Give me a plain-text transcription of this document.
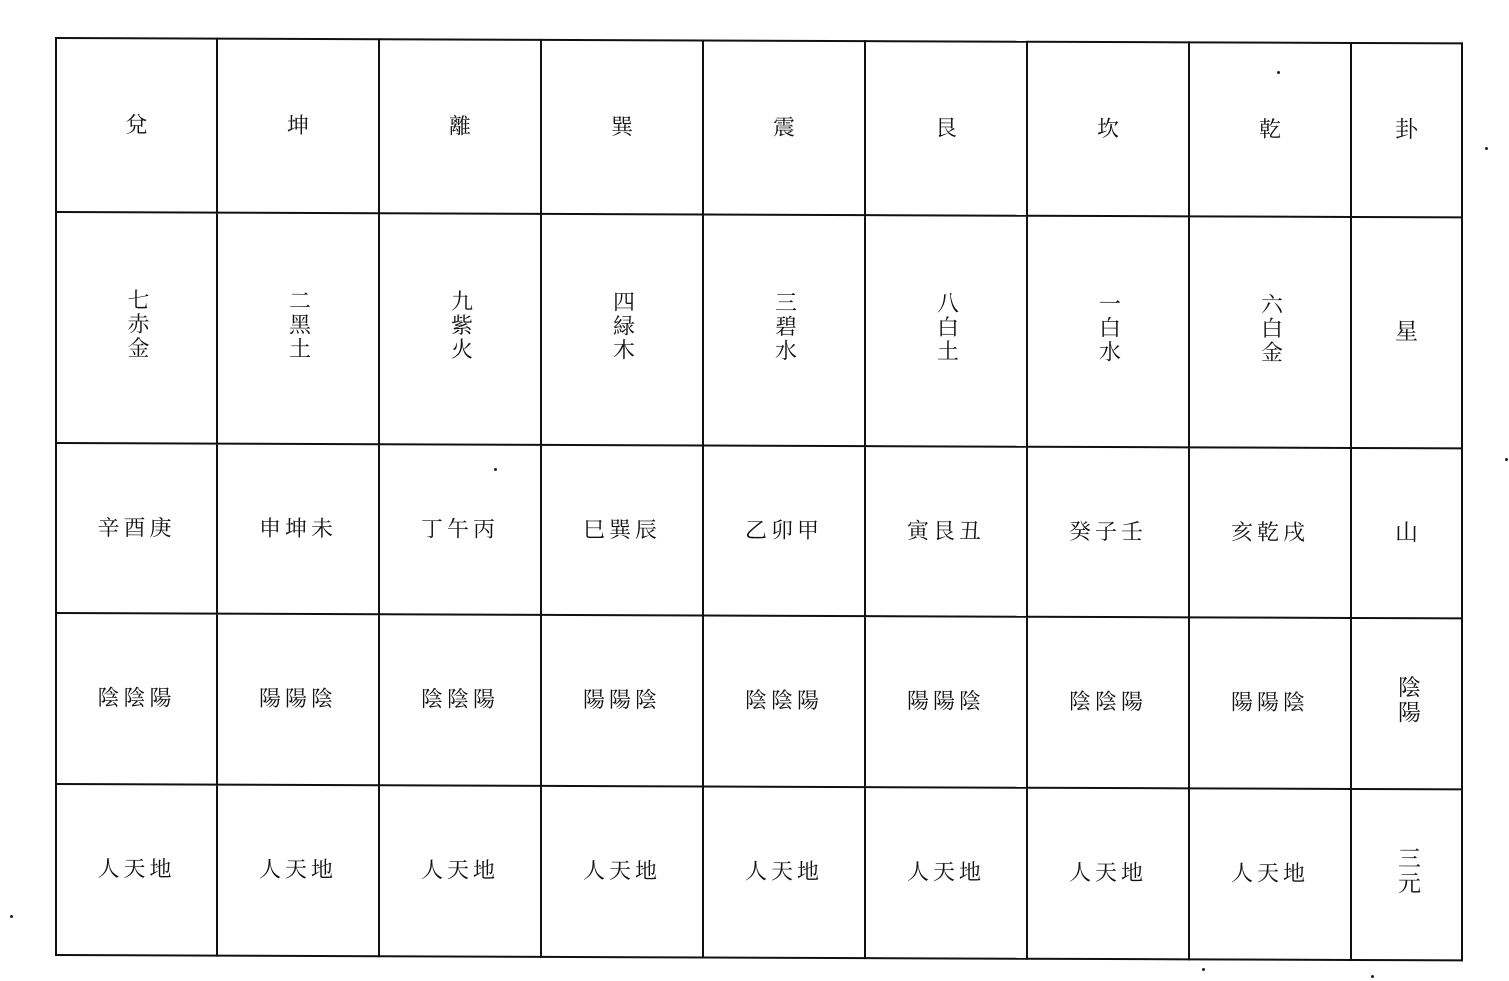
兌	坤	離	巽	震	艮	坎	乾	卦
七赤金	二黑土	九紫火	四緑木	三碧水	八白土	一白水	六白金	星
辛酉庚	申坤未	丁午丙	巳巽辰	乙卯甲	寅艮丑	癸子壬	亥乾戌	山
陰陰陽	陽陽陰	陰陰陽	陽陽陰	陰陰陽	陽陽陰	陰陰陽	陽陽陰	陰陽
人天地	人天地	人天地	人天地	人天地	人天地	人天地	人天地	三元
